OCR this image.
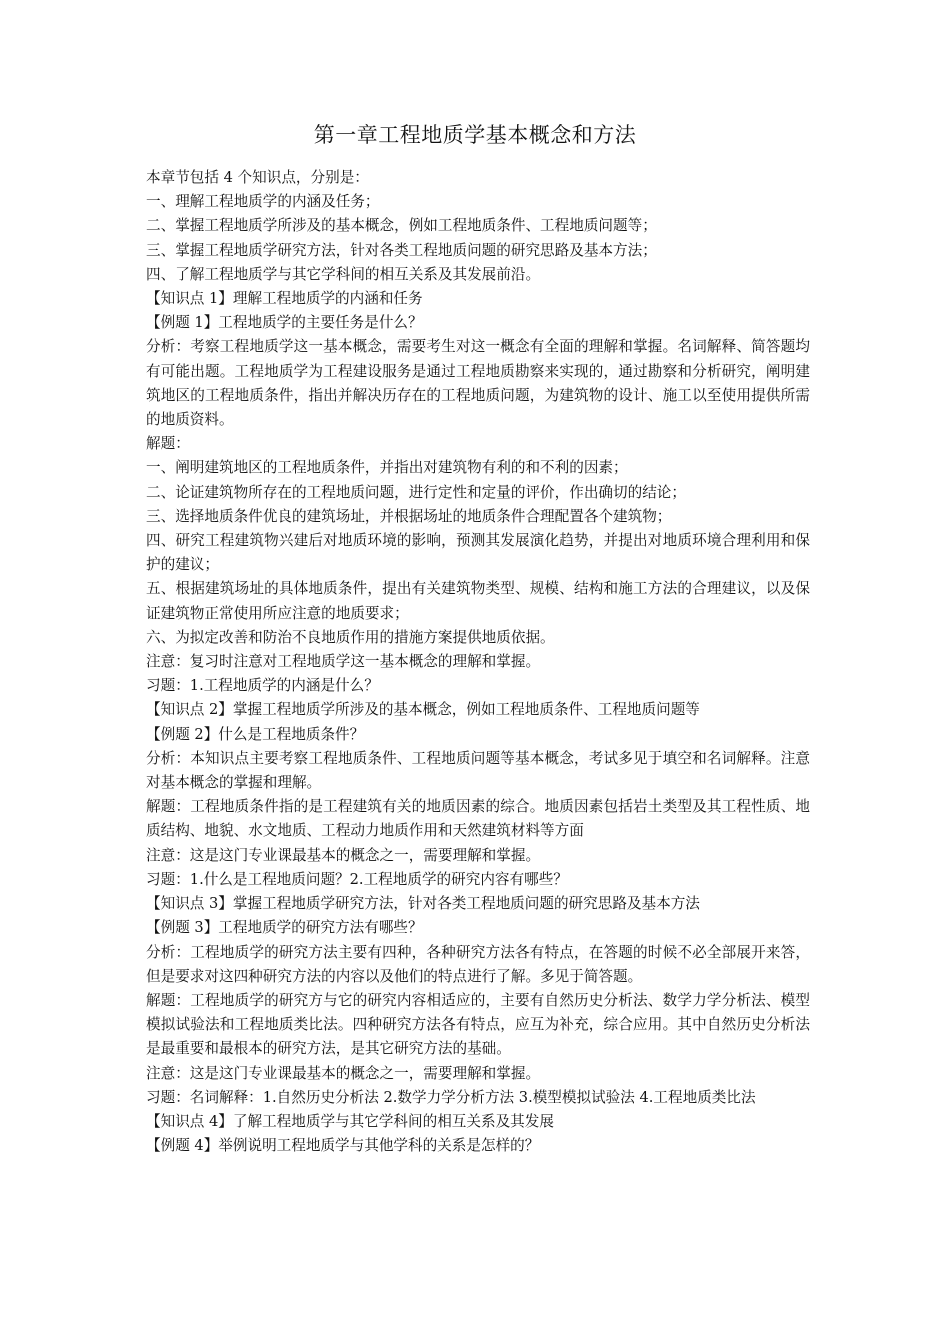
第一章工程地质学基本概念和方法

本章节包括 4 个知识点，分别是：

一、理解工程地质学的内涵及任务；

二、掌握工程地质学所涉及的基本概念，例如工程地质条件、工程地质问题等；

三、掌握工程地质学研究方法，针对各类工程地质问题的研究思路及基本方法；

四、了解工程地质学与其它学科间的相互关系及其发展前沿。

【知识点 1】理解工程地质学的内涵和任务

【例题 1】工程地质学的主要任务是什么？

分析：考察工程地质学这一基本概念，需要考生对这一概念有全面的理解和掌握。名词解释、简答题均有可能出题。工程地质学为工程建设服务是通过工程地质勘察来实现的，通过勘察和分析研究，阐明建筑地区的工程地质条件，指出并解决历存在的工程地质问题，为建筑物的设计、施工以至使用提供所需的地质资料。

解题：

一、阐明建筑地区的工程地质条件，并指出对建筑物有利的和不利的因素；

二、论证建筑物所存在的工程地质问题，进行定性和定量的评价，作出确切的结论；

三、选择地质条件优良的建筑场址，并根据场址的地质条件合理配置各个建筑物；

四、研究工程建筑物兴建后对地质环境的影响，预测其发展演化趋势，并提出对地质环境合理利用和保护的建议；

五、根据建筑场址的具体地质条件，提出有关建筑物类型、规模、结构和施工方法的合理建议，以及保证建筑物正常使用所应注意的地质要求；

六、为拟定改善和防治不良地质作用的措施方案提供地质依据。

注意：复习时注意对工程地质学这一基本概念的理解和掌握。

习题：1.工程地质学的内涵是什么？

【知识点 2】掌握工程地质学所涉及的基本概念，例如工程地质条件、工程地质问题等

【例题 2】什么是工程地质条件？

分析：本知识点主要考察工程地质条件、工程地质问题等基本概念，考试多见于填空和名词解释。注意对基本概念的掌握和理解。

解题：工程地质条件指的是工程建筑有关的地质因素的综合。地质因素包括岩土类型及其工程性质、地质结构、地貌、水文地质、工程动力地质作用和天然建筑材料等方面

注意：这是这门专业课最基本的概念之一，需要理解和掌握。

习题：1.什么是工程地质问题？2.工程地质学的研究内容有哪些？

【知识点 3】掌握工程地质学研究方法，针对各类工程地质问题的研究思路及基本方法

【例题 3】工程地质学的研究方法有哪些？

分析：工程地质学的研究方法主要有四种，各种研究方法各有特点，在答题的时候不必全部展开来答，但是要求对这四种研究方法的内容以及他们的特点进行了解。多见于简答题。

解题：工程地质学的研究方与它的研究内容相适应的，主要有自然历史分析法、数学力学分析法、模型模拟试验法和工程地质类比法。四种研究方法各有特点，应互为补充，综合应用。其中自然历史分析法是最重要和最根本的研究方法，是其它研究方法的基础。

注意：这是这门专业课最基本的概念之一，需要理解和掌握。

习题：名词解释：1.自然历史分析法 2.数学力学分析方法 3.模型模拟试验法 4.工程地质类比法

【知识点 4】了解工程地质学与其它学科间的相互关系及其发展

【例题 4】举例说明工程地质学与其他学科的关系是怎样的？
